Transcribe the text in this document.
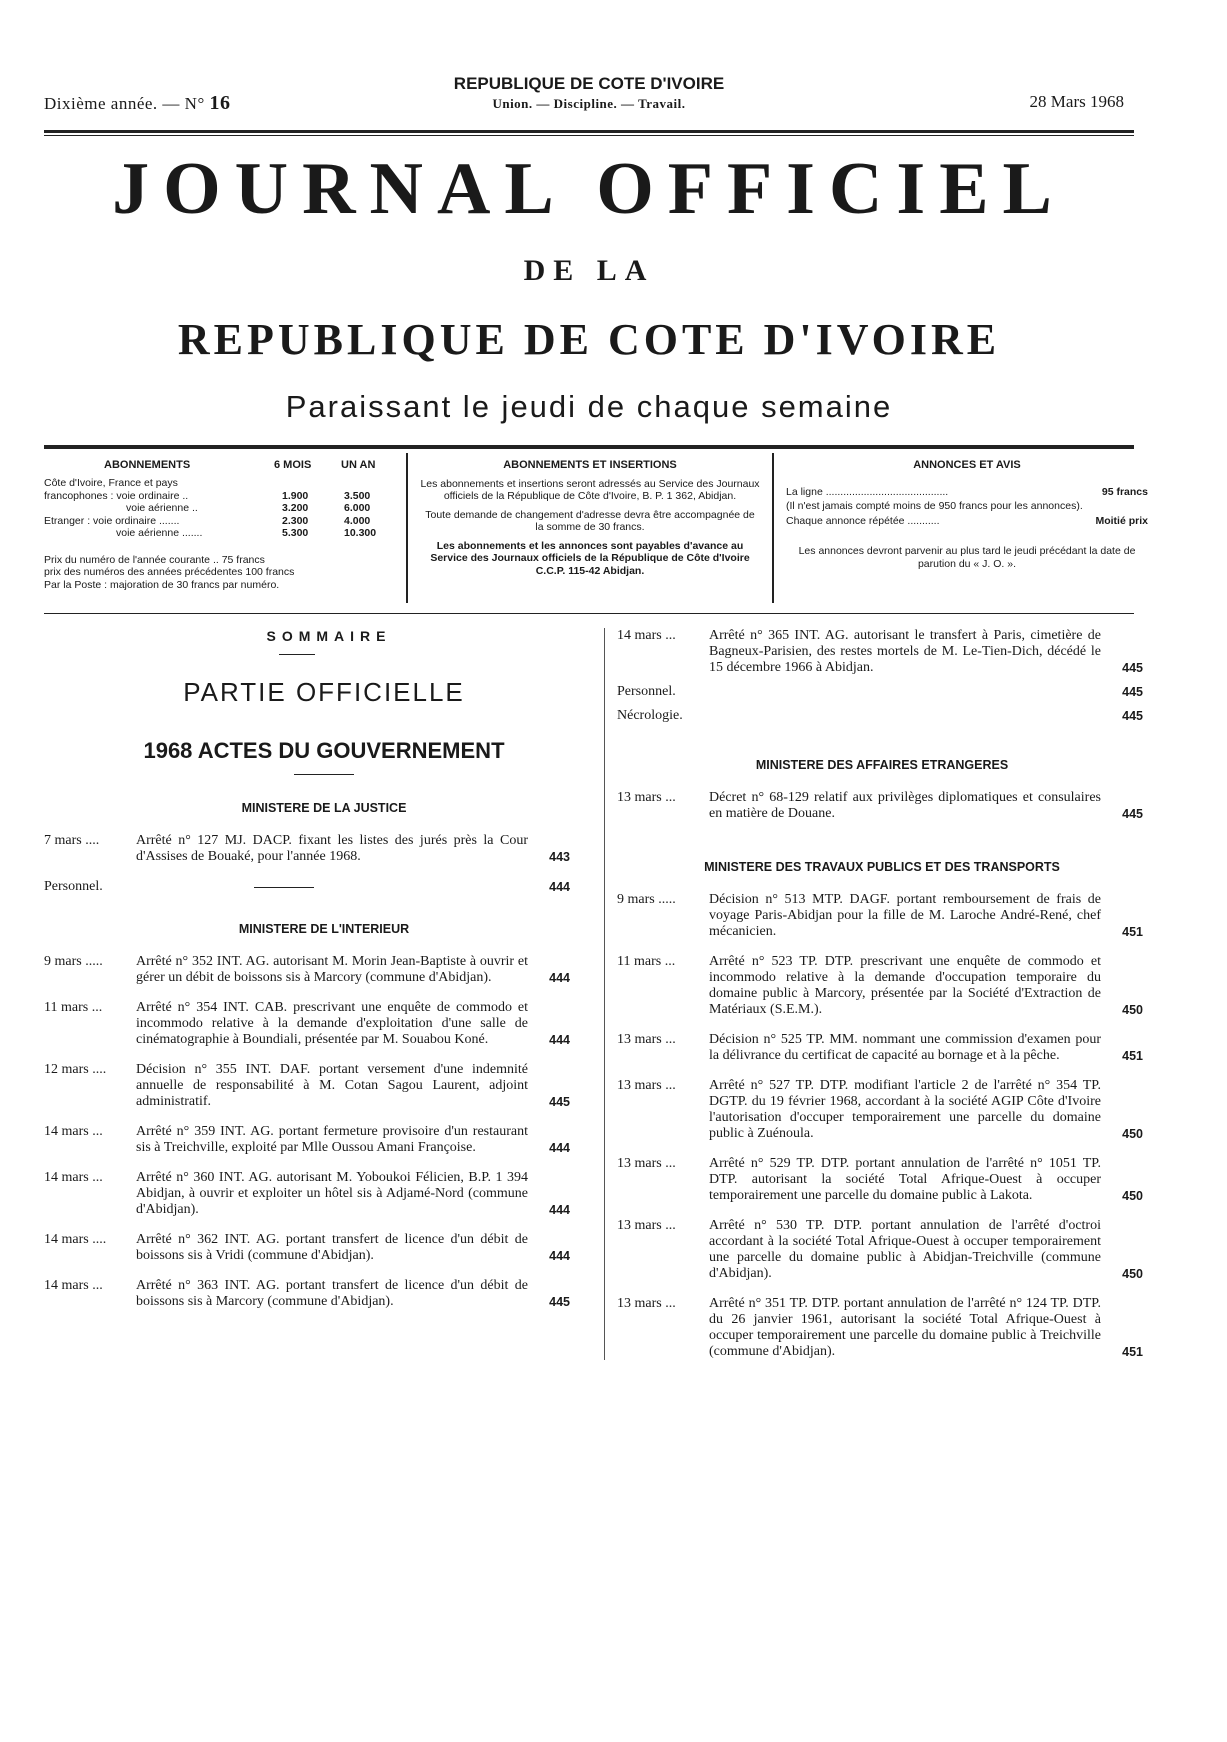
Dixième année. — N° 16
REPUBLIQUE DE COTE D'IVOIRE
Union. — Discipline. — Travail.	28 Mars 1968
JOURNAL OFFICIEL
DE LA
REPUBLIQUE DE COTE D'IVOIRE
Paraissant le jeudi de chaque semaine
ABONNEMENTS	6 MOIS	UN AN
Côte d'Ivoire, France et pays
francophones : voie ordinaire ..	1.900	3.500
voie aérienne ..	3.200	6.000
Etranger : voie ordinaire .......	2.300	4.000
voie aérienne .......	5.300	10.300
Prix du numéro de l'année courante .. 75 francs
prix des numéros des années précédentes 100 francs
Par la Poste : majoration de 30 francs par numéro.
ABONNEMENTS ET INSERTIONS

Les abonnements et insertions seront adressés au Service des Journaux officiels de la République de Côte d'Ivoire, B. P. 1 362, Abidjan.

Toute demande de changement d'adresse devra être accompagnée de la somme de 30 francs.

Les abonnements et les annonces sont payables d'avance au Service des Journaux officiels de la République de Côte d'Ivoire C.C.P. 115-42 Abidjan.

ANNONCES ET AVIS
La ligne ..........................................	95 francs

(Il n'est jamais compté moins de 950 francs pour les annonces).

Chaque annonce répétée ...........	Moitié prix

Les annonces devront parvenir au plus tard le jeudi précédant la date de parution du « J. O. ».

SOMMAIRE
PARTIE OFFICIELLE
1968 ACTES DU GOUVERNEMENT
MINISTERE DE LA JUSTICE
7 mars ....	Arrêté n° 127 MJ. DACP. fixant les listes des jurés près la Cour d'Assises de Bouaké, pour l'année 1968.	443
Personnel.	444
MINISTERE DE L'INTERIEUR
9 mars .....	Arrêté n° 352 INT. AG. autorisant M. Morin Jean-Baptiste à ouvrir et gérer un débit de boissons sis à Marcory (commune d'Abidjan).	444
11 mars ...	Arrêté n° 354 INT. CAB. prescrivant une enquête de commodo et incommodo relative à la demande d'exploitation d'une salle de cinématographie à Boundiali, présentée par M. Souabou Koné.	444
12 mars ....	Décision n° 355 INT. DAF. portant versement d'une indemnité annuelle de responsabilité à M. Cotan Sagou Laurent, adjoint administratif.	445
14 mars ...	Arrêté n° 359 INT. AG. portant fermeture provisoire d'un restaurant sis à Treichville, exploité par Mlle Oussou Amani Françoise.	444
14 mars ...	Arrêté n° 360 INT. AG. autorisant M. Yoboukoi Félicien, B.P. 1 394 Abidjan, à ouvrir et exploiter un hôtel sis à Adjamé-Nord (commune d'Abidjan).	444
14 mars ....	Arrêté n° 362 INT. AG. portant transfert de licence d'un débit de boissons sis à Vridi (commune d'Abidjan).	444
14 mars ...	Arrêté n° 363 INT. AG. portant transfert de licence d'un débit de boissons sis à Marcory (commune d'Abidjan).	445
14 mars ...	Arrêté n° 365 INT. AG. autorisant le transfert à Paris, cimetière de Bagneux-Parisien, des restes mortels de M. Le-Tien-Dich, décédé le 15 décembre 1966 à Abidjan.	445
Personnel.	445
Nécrologie.	445
MINISTERE DES AFFAIRES ETRANGERES
13 mars ...	Décret n° 68-129 relatif aux privilèges diplomatiques et consulaires en matière de Douane.	445
MINISTERE DES TRAVAUX PUBLICS ET DES TRANSPORTS
9 mars .....	Décision n° 513 MTP. DAGF. portant remboursement de frais de voyage Paris-Abidjan pour la fille de M. Laroche André-René, chef mécanicien.	451
11 mars ...	Arrêté n° 523 TP. DTP. prescrivant une enquête de commodo et incommodo relative à la demande d'occupation temporaire du domaine public à Marcory, présentée par la Société d'Extraction de Matériaux (S.E.M.).	450
13 mars ...	Décision n° 525 TP. MM. nommant une commission d'examen pour la délivrance du certificat de capacité au bornage et à la pêche.	451
13 mars ...	Arrêté n° 527 TP. DTP. modifiant l'article 2 de l'arrêté n° 354 TP. DGTP. du 19 février 1968, accordant à la société AGIP Côte d'Ivoire l'autorisation d'occuper temporairement une parcelle du domaine public à Zuénoula.	450
13 mars ...	Arrêté n° 529 TP. DTP. portant annulation de l'arrêté n° 1051 TP. DTP. autorisant la société Total Afrique-Ouest à occuper temporairement une parcelle du domaine public à Lakota.	450
13 mars ...	Arrêté n° 530 TP. DTP. portant annulation de l'arrêté d'octroi accordant à la société Total Afrique-Ouest à occuper temporairement une parcelle du domaine public à Abidjan-Treichville (commune d'Abidjan).	450
13 mars ...	Arrêté n° 351 TP. DTP. portant annulation de l'arrêté n° 124 TP. DTP. du 26 janvier 1961, autorisant la société Total Afrique-Ouest à occuper temporairement une parcelle du domaine public à Treichville (commune d'Abidjan).	451
